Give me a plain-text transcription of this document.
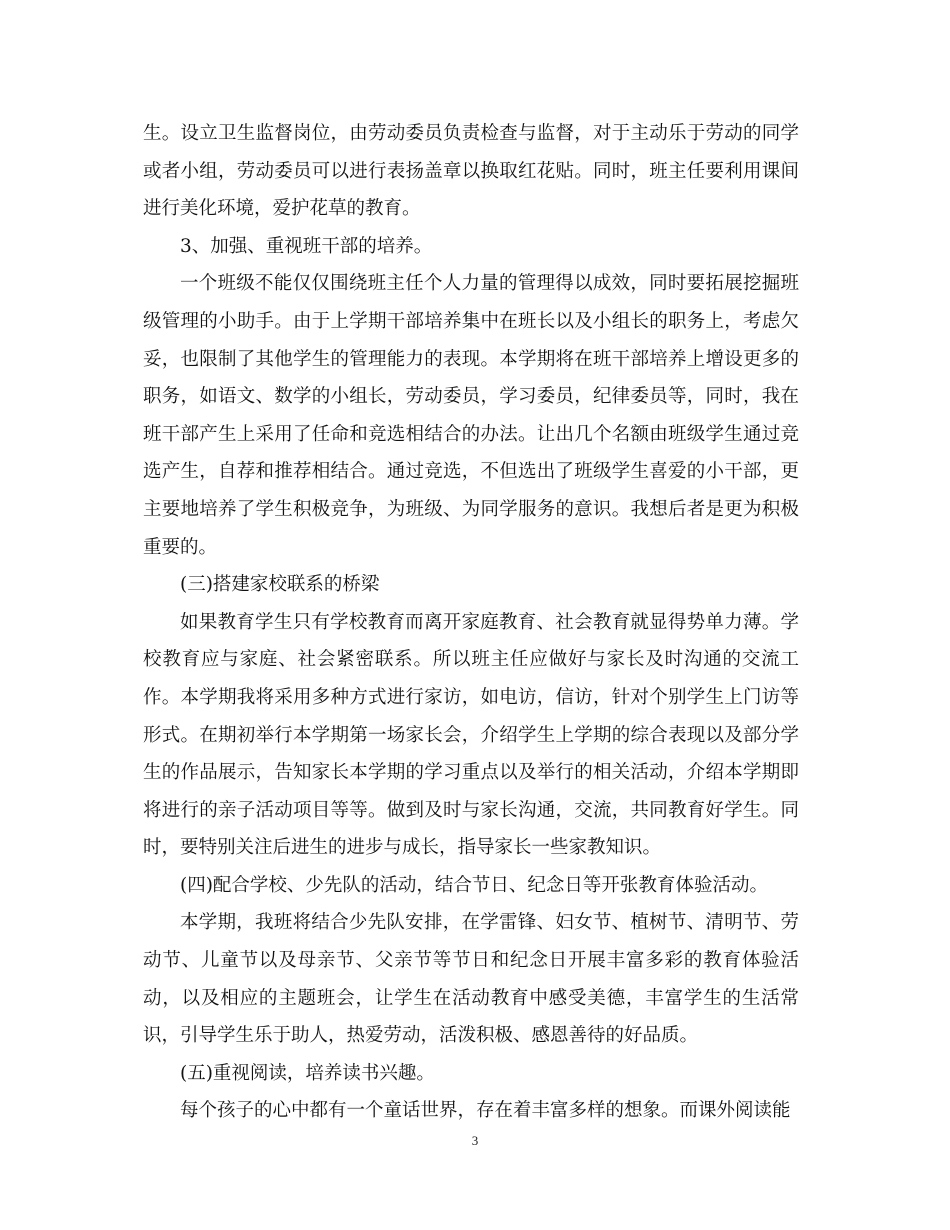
生。设立卫生监督岗位，由劳动委员负责检查与监督，对于主动乐于劳动的同学或者小组，劳动委员可以进行表扬盖章以换取红花贴。同时，班主任要利用课间进行美化环境，爱护花草的教育。

3、加强、重视班干部的培养。

一个班级不能仅仅围绕班主任个人力量的管理得以成效，同时要拓展挖掘班级管理的小助手。由于上学期干部培养集中在班长以及小组长的职务上，考虑欠妥，也限制了其他学生的管理能力的表现。本学期将在班干部培养上增设更多的职务，如语文、数学的小组长，劳动委员，学习委员，纪律委员等，同时，我在班干部产生上采用了任命和竞选相结合的办法。让出几个名额由班级学生通过竞选产生，自荐和推荐相结合。通过竞选，不但选出了班级学生喜爱的小干部，更主要地培养了学生积极竞争，为班级、为同学服务的意识。我想后者是更为积极重要的。

(三)搭建家校联系的桥梁

如果教育学生只有学校教育而离开家庭教育、社会教育就显得势单力薄。学校教育应与家庭、社会紧密联系。所以班主任应做好与家长及时沟通的交流工作。本学期我将采用多种方式进行家访，如电访，信访，针对个别学生上门访等形式。在期初举行本学期第一场家长会，介绍学生上学期的综合表现以及部分学生的作品展示，告知家长本学期的学习重点以及举行的相关活动，介绍本学期即将进行的亲子活动项目等等。做到及时与家长沟通，交流，共同教育好学生。同时，要特别关注后进生的进步与成长，指导家长一些家教知识。

(四)配合学校、少先队的活动，结合节日、纪念日等开张教育体验活动。

本学期，我班将结合少先队安排，在学雷锋、妇女节、植树节、清明节、劳动节、儿童节以及母亲节、父亲节等节日和纪念日开展丰富多彩的教育体验活动，以及相应的主题班会，让学生在活动教育中感受美德，丰富学生的生活常识，引导学生乐于助人，热爱劳动，活泼积极、感恩善待的好品质。

(五)重视阅读，培养读书兴趣。

每个孩子的心中都有一个童话世界，存在着丰富多样的想象。而课外阅读能

3
